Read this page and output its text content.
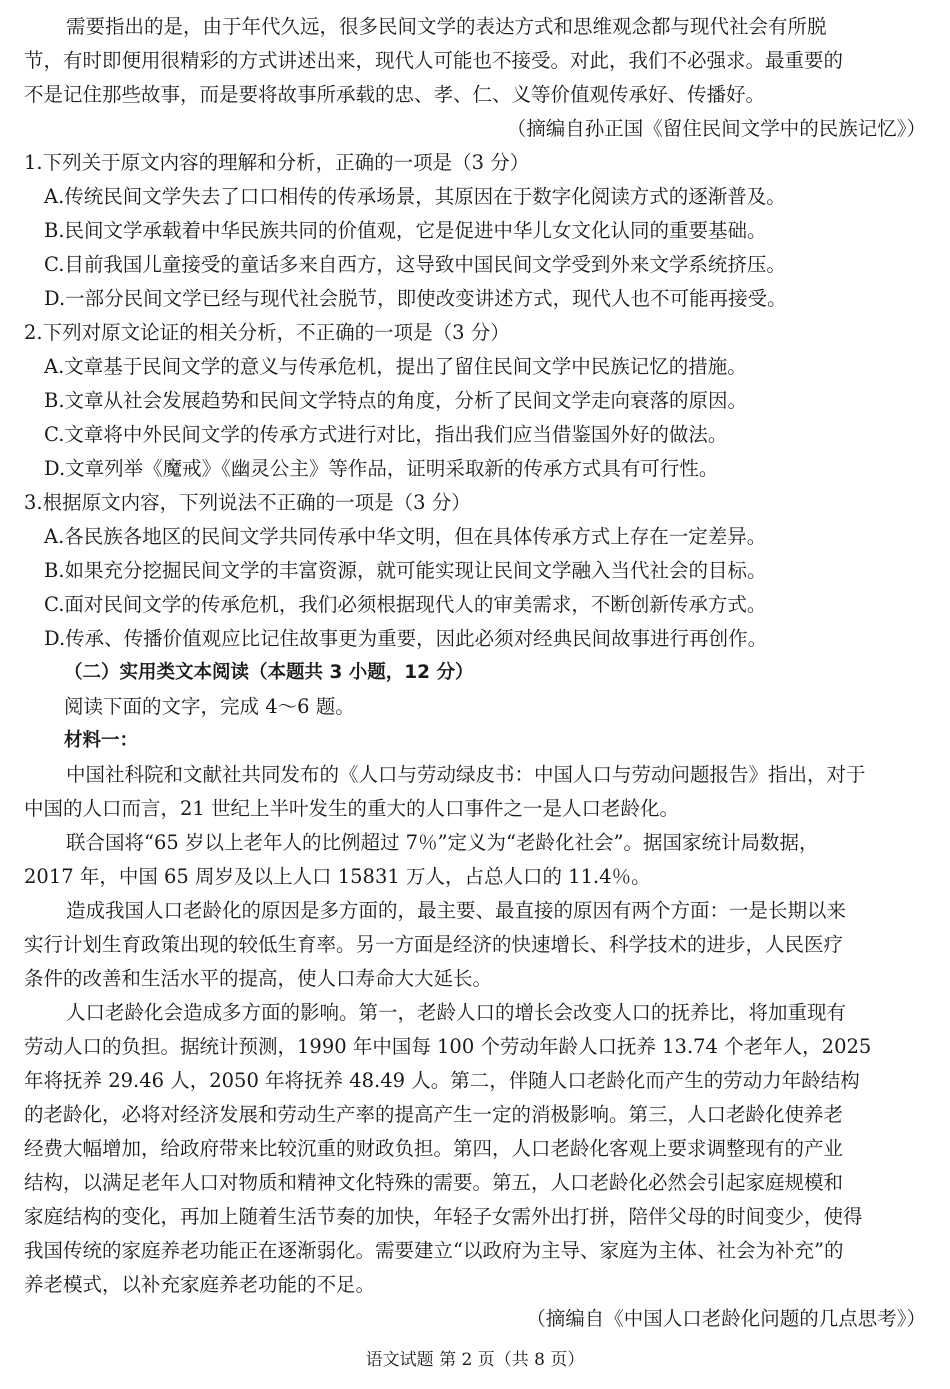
需要指出的是，由于年代久远，很多民间文学的表达方式和思维观念都与现代社会有所脱
节，有时即便用很精彩的方式讲述出来，现代人可能也不接受。对此，我们不必强求。最重要的
不是记住那些故事，而是要将故事所承载的忠、孝、仁、义等价值观传承好、传播好。
（摘编自孙正国《留住民间文学中的民族记忆》）
1.下列关于原文内容的理解和分析，正确的一项是（3 分）
A.传统民间文学失去了口口相传的传承场景，其原因在于数字化阅读方式的逐渐普及。
B.民间文学承载着中华民族共同的价值观，它是促进中华儿女文化认同的重要基础。
C.目前我国儿童接受的童话多来自西方，这导致中国民间文学受到外来文学系统挤压。
D.一部分民间文学已经与现代社会脱节，即使改变讲述方式，现代人也不可能再接受。
2.下列对原文论证的相关分析，不正确的一项是（3 分）
A.文章基于民间文学的意义与传承危机，提出了留住民间文学中民族记忆的措施。
B.文章从社会发展趋势和民间文学特点的角度，分析了民间文学走向衰落的原因。
C.文章将中外民间文学的传承方式进行对比，指出我们应当借鉴国外好的做法。
D.文章列举《魔戒》《幽灵公主》等作品，证明采取新的传承方式具有可行性。
3.根据原文内容，下列说法不正确的一项是（3 分）
A.各民族各地区的民间文学共同传承中华文明，但在具体传承方式上存在一定差异。
B.如果充分挖掘民间文学的丰富资源，就可能实现让民间文学融入当代社会的目标。
C.面对民间文学的传承危机，我们必须根据现代人的审美需求，不断创新传承方式。
D.传承、传播价值观应比记住故事更为重要，因此必须对经典民间故事进行再创作。
（二）实用类文本阅读（本题共 3 小题，12 分）
阅读下面的文字，完成 4～6 题。
材料一：
中国社科院和文献社共同发布的《人口与劳动绿皮书：中国人口与劳动问题报告》指出，对于
中国的人口而言，21 世纪上半叶发生的重大的人口事件之一是人口老龄化。
联合国将“65 岁以上老年人的比例超过 7％”定义为“老龄化社会”。据国家统计局数据，
2017 年，中国 65 周岁及以上人口 15831 万人，占总人口的 11.4％。
造成我国人口老龄化的原因是多方面的，最主要、最直接的原因有两个方面：一是长期以来
实行计划生育政策出现的较低生育率。另一方面是经济的快速增长、科学技术的进步，人民医疗
条件的改善和生活水平的提高，使人口寿命大大延长。
人口老龄化会造成多方面的影响。第一，老龄人口的增长会改变人口的抚养比，将加重现有
劳动人口的负担。据统计预测，1990 年中国每 100 个劳动年龄人口抚养 13.74 个老年人，2025
年将抚养 29.46 人，2050 年将抚养 48.49 人。第二，伴随人口老龄化而产生的劳动力年龄结构
的老龄化，必将对经济发展和劳动生产率的提高产生一定的消极影响。第三，人口老龄化使养老
经费大幅增加，给政府带来比较沉重的财政负担。第四，人口老龄化客观上要求调整现有的产业
结构，以满足老年人口对物质和精神文化特殊的需要。第五，人口老龄化必然会引起家庭规模和
家庭结构的变化，再加上随着生活节奏的加快，年轻子女需外出打拼，陪伴父母的时间变少，使得
我国传统的家庭养老功能正在逐渐弱化。需要建立“以政府为主导、家庭为主体、社会为补充”的
养老模式，以补充家庭养老功能的不足。
（摘编自《中国人口老龄化问题的几点思考》）
语文试题 第 2 页（共 8 页）
